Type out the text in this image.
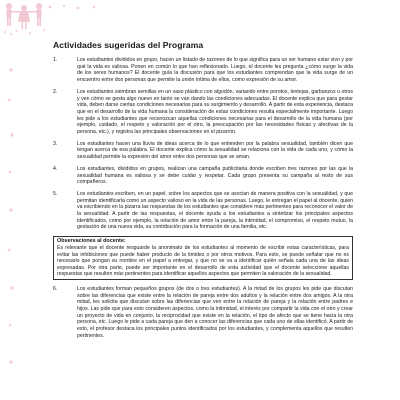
Actividades sugeridas del Programa
1.	Los estudiantes divididos en grupo, hacen un listado de razones de lo que significa para un ser humano estar vivo y por qué la vida es valiosa. Ponen en común lo que han reflexionado. Luego, el docente les pregunta ¿cómo surge la vida de los seres humanos? El docente guía la discusión para que los estudiantes comprendan que la vida surge de un encuentro entre dos personas que permite la unión íntima de ellos, como expresión de su amor.
2.	Los estudiantes siembran semillas en un vaso plástico con algodón, variando entre porotos, lentejas, garbanzos u otros y ven cómo se gesta algo nuevo en tanto se van dando las condiciones adecuadas. El docente explica que para gestar vida, deben darse ciertas condiciones necesarias para su surgimiento y desarrollo. A partir de esta experiencia, destaca que en el desarrollo de la vida humana la consideración de estas condiciones resulta especialmente importante. Luego les pide a los estudiantes que reconozcan aquellas condiciones necesarias para el desarrollo de la vida humana (por ejemplo, cuidado, el respeto y valoración por el otro, la preocupación por las necesidades físicas y afectivas de la persona, etc.), y registra las principales observaciones en el pizarrón.
3.	Los estudiantes hacen una lluvia de ideas acerca de lo que entienden por la palabra sexualidad, también dicen que tengan acerca de esa palabra. El docente explica cómo la sexualidad se relaciona con la vida de cada uno, y cómo la sexualidad permite la expresión del amor entre dos personas que se aman.
4.	Los estudiantes, divididos en grupos, realizan una campaña publicitaria donde escriben tres razones por las que la sexualidad humana es valiosa y se debe cuidar y respetar. Cada grupo presenta su campaña al resto de sus compañeros.
5.	Los estudiantes escriben, en un papel, sobre los aspectos que se asocian de manera positiva con la sexualidad, y que permitan identificarla como un aspecto valioso en la vida de las personas. Luego, le entregan el papel al docente, quien va escribiendo en la pizarra las respuestas de los estudiantes que considere más pertinentes para reconocer el valor de la sexualidad. A partir de las respuestas, el docente ayuda a los estudiantes a sintetizar los principales aspectos identificados, como por ejemplo, la relación de amor entre la pareja, la intimidad, el compromiso, el respeto mutuo, la gestación de una nueva vida, su contribución para la formación de una familia, etc.
Observaciones al docente:
Es relevante que el docente resguarde la anonimato de los estudiantes al momento de escribir estas características, para evitar las inhibiciones que puede haber producto de la timidez o por otros motivos. Para esto, se puede señalar que no es necesario que pongan su nombre en el papel a entregar, y que no se va a identificar quién señala cada una de las ideas expresadas. Por otra parte, puede ser importante en el desarrollo de esta actividad que el docente seleccione aquellas respuestas que resulten más pertinentes para identificar aquellos aspectos que permiten la valoración de la sexualidad.
6.	Los estudiantes forman pequeños grupos (de dos o tres estudiantes). A la mitad de los grupos les pide que discutan sobre las diferencias que existe entre la relación de pareja entre dos adultos y la relación entre dos amigos. A la otra mitad, les solicita que discutan sobre las diferencias que ven entre la relación de pareja y la relación entre padres e hijos. Las pide que para esto consideren aspectos, como la intimidad, el interés por compartir la vida con el otro y crear un proyecto de vida en conjunto, la reciprocidad que existe en la relación, el tipo de afecto que se tiene hacia la otra persona, etc. Luego le pide a cada pareja que den a conocer las diferencias que cada uno de ellas identificó. A partir de esto, el profesor destaca los principales puntos identificados por los estudiantes, y complementa aquellos que resulten pertinentes.
